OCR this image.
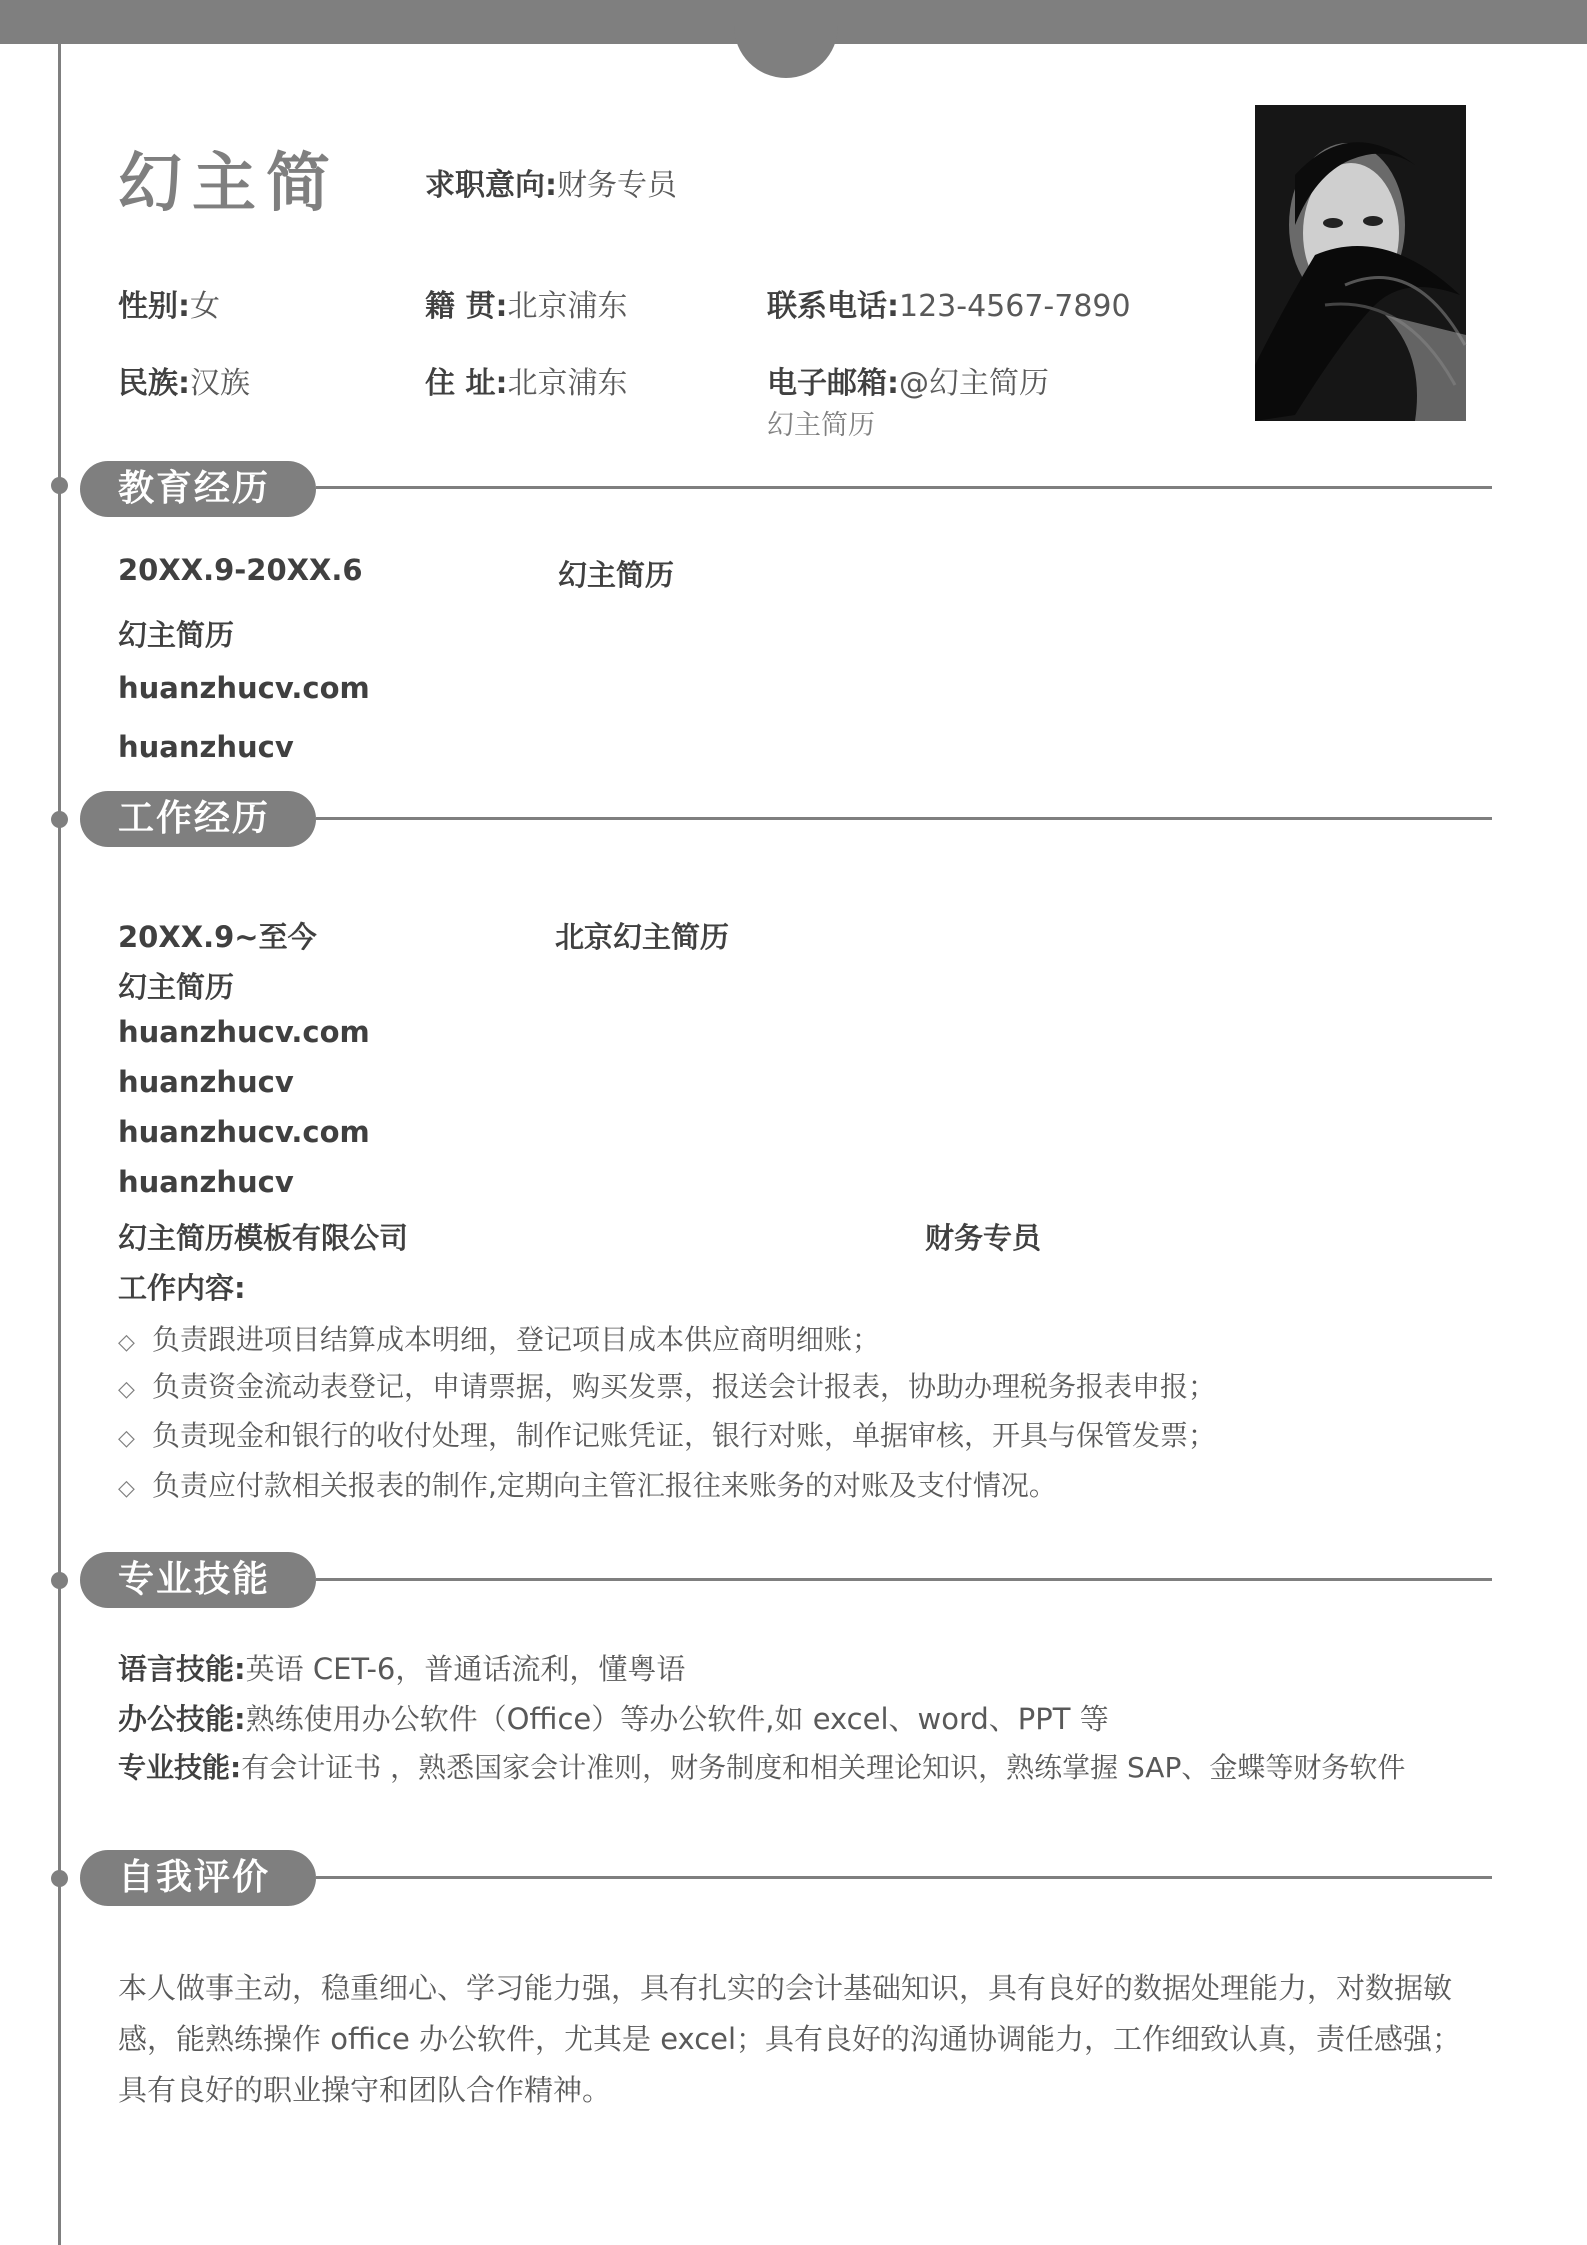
幻主简	求职意向:财务专员
性别:女	籍 贯:北京浦东	联系电话:123-4567-7890
民族:汉族	住 址:北京浦东	电子邮箱:@幻主简历
幻主简历
教育经历
20XX.9-20XX.6	幻主简历
幻主简历
huanzhucv.com
huanzhucv
工作经历
20XX.9~至今	北京幻主简历
幻主简历
huanzhucv.com
huanzhucv
huanzhucv.com
huanzhucv
幻主简历模板有限公司	财务专员
工作内容:
◇ 负责跟进项目结算成本明细，登记项目成本供应商明细账；
◇ 负责资金流动表登记，申请票据，购买发票，报送会计报表，协助办理税务报表申报；
◇ 负责现金和银行的收付处理，制作记账凭证，银行对账，单据审核，开具与保管发票；
◇ 负责应付款相关报表的制作,定期向主管汇报往来账务的对账及支付情况。
专业技能
语言技能:英语 CET-6，普通话流利，懂粤语
办公技能:熟练使用办公软件（Office）等办公软件,如 excel、word、PPT 等
专业技能:有会计证书 ，熟悉国家会计准则，财务制度和相关理论知识，熟练掌握 SAP、金蝶等财务软件
自我评价
本人做事主动，稳重细心、学习能力强，具有扎实的会计基础知识，具有良好的数据处理能力，对数据敏感，能熟练操作 office 办公软件，尤其是 excel；具有良好的沟通协调能力，工作细致认真，责任感强；具有良好的职业操守和团队合作精神。
